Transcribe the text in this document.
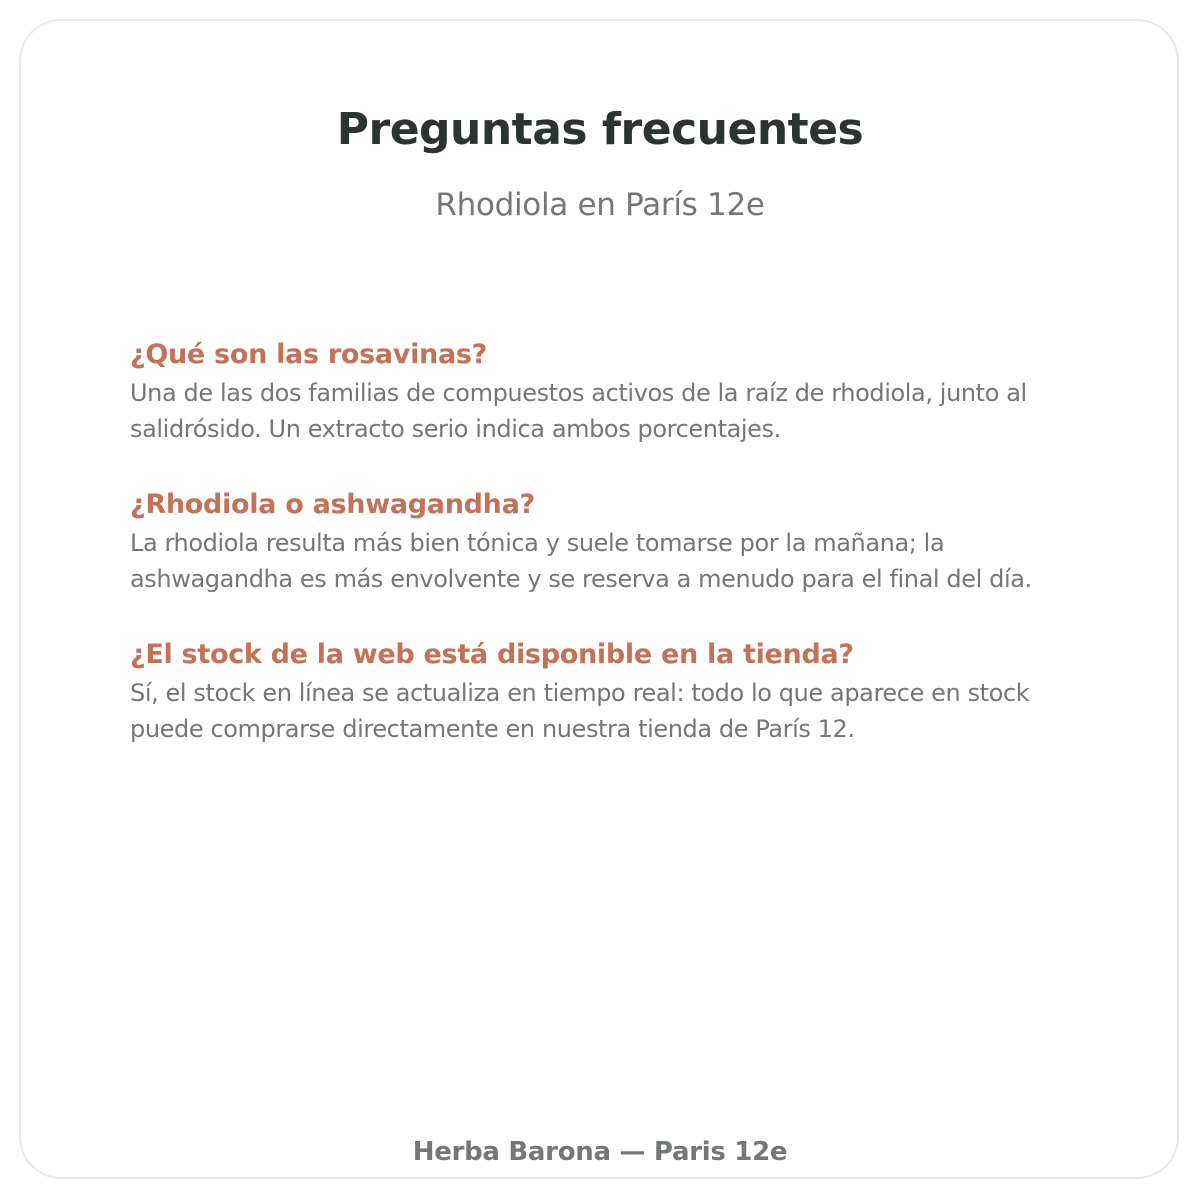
Preguntas frecuentes
Rhodiola en París 12e
¿Qué son las rosavinas?
Una de las dos familias de compuestos activos de la raíz de rhodiola, junto al salidrósido. Un extracto serio indica ambos porcentajes.
¿Rhodiola o ashwagandha?
La rhodiola resulta más bien tónica y suele tomarse por la mañana; la ashwagandha es más envolvente y se reserva a menudo para el final del día.
¿El stock de la web está disponible en la tienda?
Sí, el stock en línea se actualiza en tiempo real: todo lo que aparece en stock puede comprarse directamente en nuestra tienda de París 12.
Herba Barona — Paris 12e
